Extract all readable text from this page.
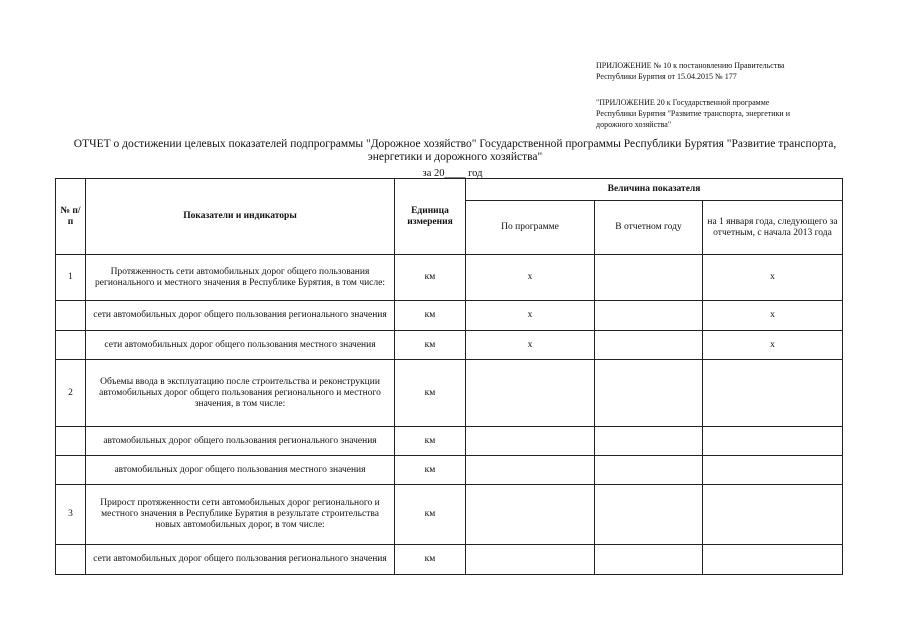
ПРИЛОЖЕНИЕ № 10 к постановлению Правительства
Республики Бурятия от 15.04.2015 № 177
"ПРИЛОЖЕНИЕ 20 к Государственной программе
Республики Бурятия "Развитие транспорта, энергетики и
дорожного хозяйства"
ОТЧЕТ о достижении целевых показателей подпрограммы "Дорожное хозяйство" Государственной программы Республики Бурятия "Развитие транспорта,
энергетики и дорожного хозяйства"
за 20____ год
№ п/п	Показатели и индикаторы	Единица измерения	Величина показателя		
			По программе	В отчетном году	на 1 января года, следующего за отчетным, с начала 2013 года
1	Протяженность сети автомобильных дорог общего пользования регионального и местного значения в Республике Бурятия, в том числе:	км	x		x
	сети автомобильных дорог общего пользования регионального значения	км	x		x
	сети автомобильных дорог общего пользования местного значения	км	x		x
2	Объемы ввода в эксплуатацию после строительства и реконструкции автомобильных дорог общего пользования регионального и местного значения, в том числе:	км			
	автомобильных дорог общего пользования регионального значения	км			
	автомобильных дорог общего пользования местного значения	км			
3	Прирост протяженности сети автомобильных дорог регионального и местного значения в Республике Бурятия в результате строительства новых автомобильных дорог, в том числе:	км			
	сети автомобильных дорог общего пользования регионального значения	км			
